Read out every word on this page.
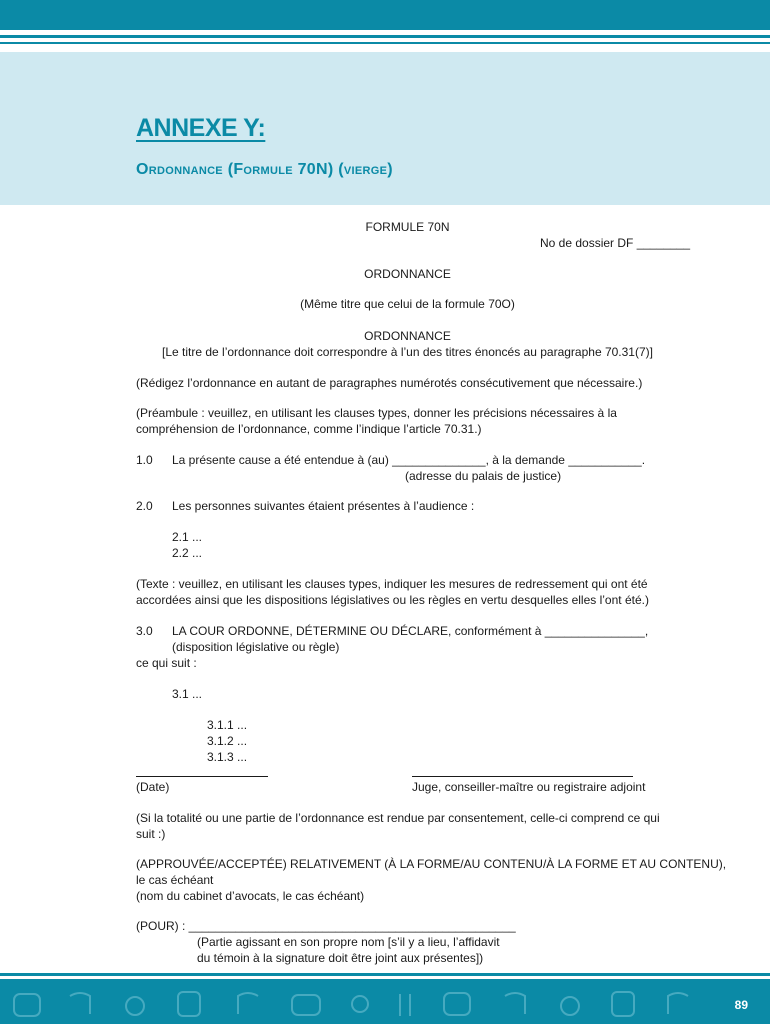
ANNEXE Y:
Ordonnance (Formule 70N) (vierge)
FORMULE 70N
No de dossier DF ________
ORDONNANCE
(Même titre que celui de la formule 70O)
ORDONNANCE
[Le titre de l’ordonnance doit correspondre à l’un des titres énoncés au paragraphe 70.31(7)]
(Rédigez l’ordonnance en autant de paragraphes numérotés consécutivement que nécessaire.)
(Préambule : veuillez, en utilisant les clauses types, donner les précisions nécessaires à la
compréhension de l’ordonnance, comme l’indique l’article 70.31.)
1.0 La présente cause a été entendue à (au) ______________, à la demande ___________.
(adresse du palais de justice)
2.0 Les personnes suivantes étaient présentes à l’audience :
2.1 ...
2.2 ...
(Texte : veuillez, en utilisant les clauses types, indiquer les mesures de redressement qui ont été
accordées ainsi que les dispositions législatives ou les règles en vertu desquelles elles l’ont été.)
3.0 LA COUR ORDONNE, DÉTERMINE OU DÉCLARE, conformément à _______________,
(disposition législative ou règle)
ce qui suit :
3.1 ...
3.1.1 ...
3.1.2 ...
3.1.3 ...
(Date)	Juge, conseiller-maître ou registraire adjoint
(Si la totalité ou une partie de l’ordonnance est rendue par consentement, celle-ci comprend ce qui
suit :)
(APPROUVÉE/ACCEPTÉE) RELATIVEMENT (À LA FORME/AU CONTENU/À LA FORME ET AU CONTENU),
le cas échéant
(nom du cabinet d’avocats, le cas échéant)
(POUR) : _________________________________________________
(Partie agissant en son propre nom [s’il y a lieu, l’affidavit
du témoin à la signature doit être joint aux présentes])
89
